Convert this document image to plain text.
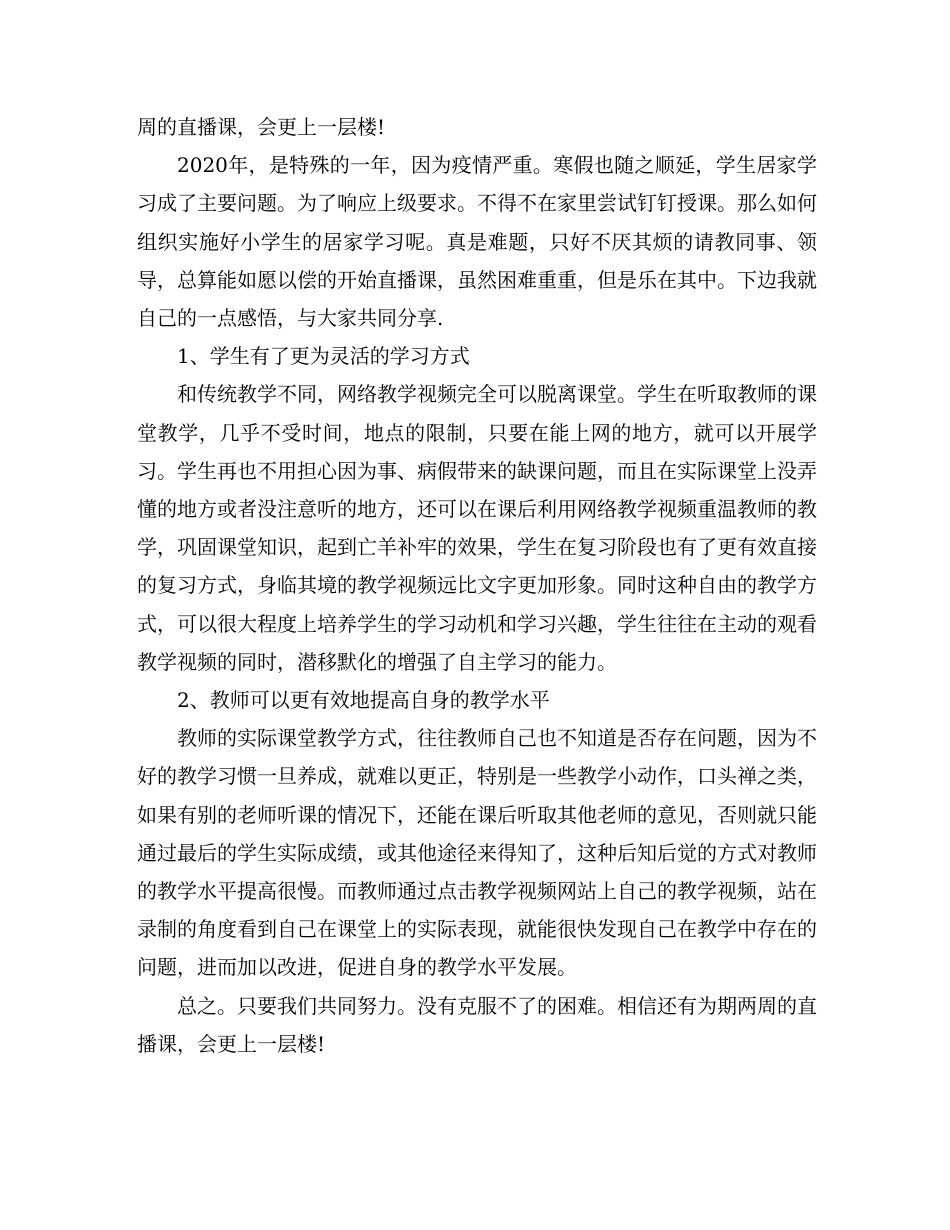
周的直播课，会更上一层楼!

2020年，是特殊的一年，因为疫情严重。寒假也随之顺延，学生居家学习成了主要问题。为了响应上级要求。不得不在家里尝试钉钉授课。那么如何组织实施好小学生的居家学习呢。真是难题，只好不厌其烦的请教同事、领导，总算能如愿以偿的开始直播课，虽然困难重重，但是乐在其中。下边我就自己的一点感悟，与大家共同分享.

1、学生有了更为灵活的学习方式

和传统教学不同，网络教学视频完全可以脱离课堂。学生在听取教师的课堂教学，几乎不受时间，地点的限制，只要在能上网的地方，就可以开展学习。学生再也不用担心因为事、病假带来的缺课问题，而且在实际课堂上没弄懂的地方或者没注意听的地方，还可以在课后利用网络教学视频重温教师的教学，巩固课堂知识，起到亡羊补牢的效果，学生在复习阶段也有了更有效直接的复习方式，身临其境的教学视频远比文字更加形象。同时这种自由的教学方式，可以很大程度上培养学生的学习动机和学习兴趣，学生往往在主动的观看教学视频的同时，潜移默化的增强了自主学习的能力。

2、教师可以更有效地提高自身的教学水平

教师的实际课堂教学方式，往往教师自己也不知道是否存在问题，因为不好的教学习惯一旦养成，就难以更正，特别是一些教学小动作，口头禅之类，如果有别的老师听课的情况下，还能在课后听取其他老师的意见，否则就只能通过最后的学生实际成绩，或其他途径来得知了，这种后知后觉的方式对教师的教学水平提高很慢。而教师通过点击教学视频网站上自己的教学视频，站在录制的角度看到自己在课堂上的实际表现，就能很快发现自己在教学中存在的问题，进而加以改进，促进自身的教学水平发展。

总之。只要我们共同努力。没有克服不了的困难。相信还有为期两周的直播课，会更上一层楼!
